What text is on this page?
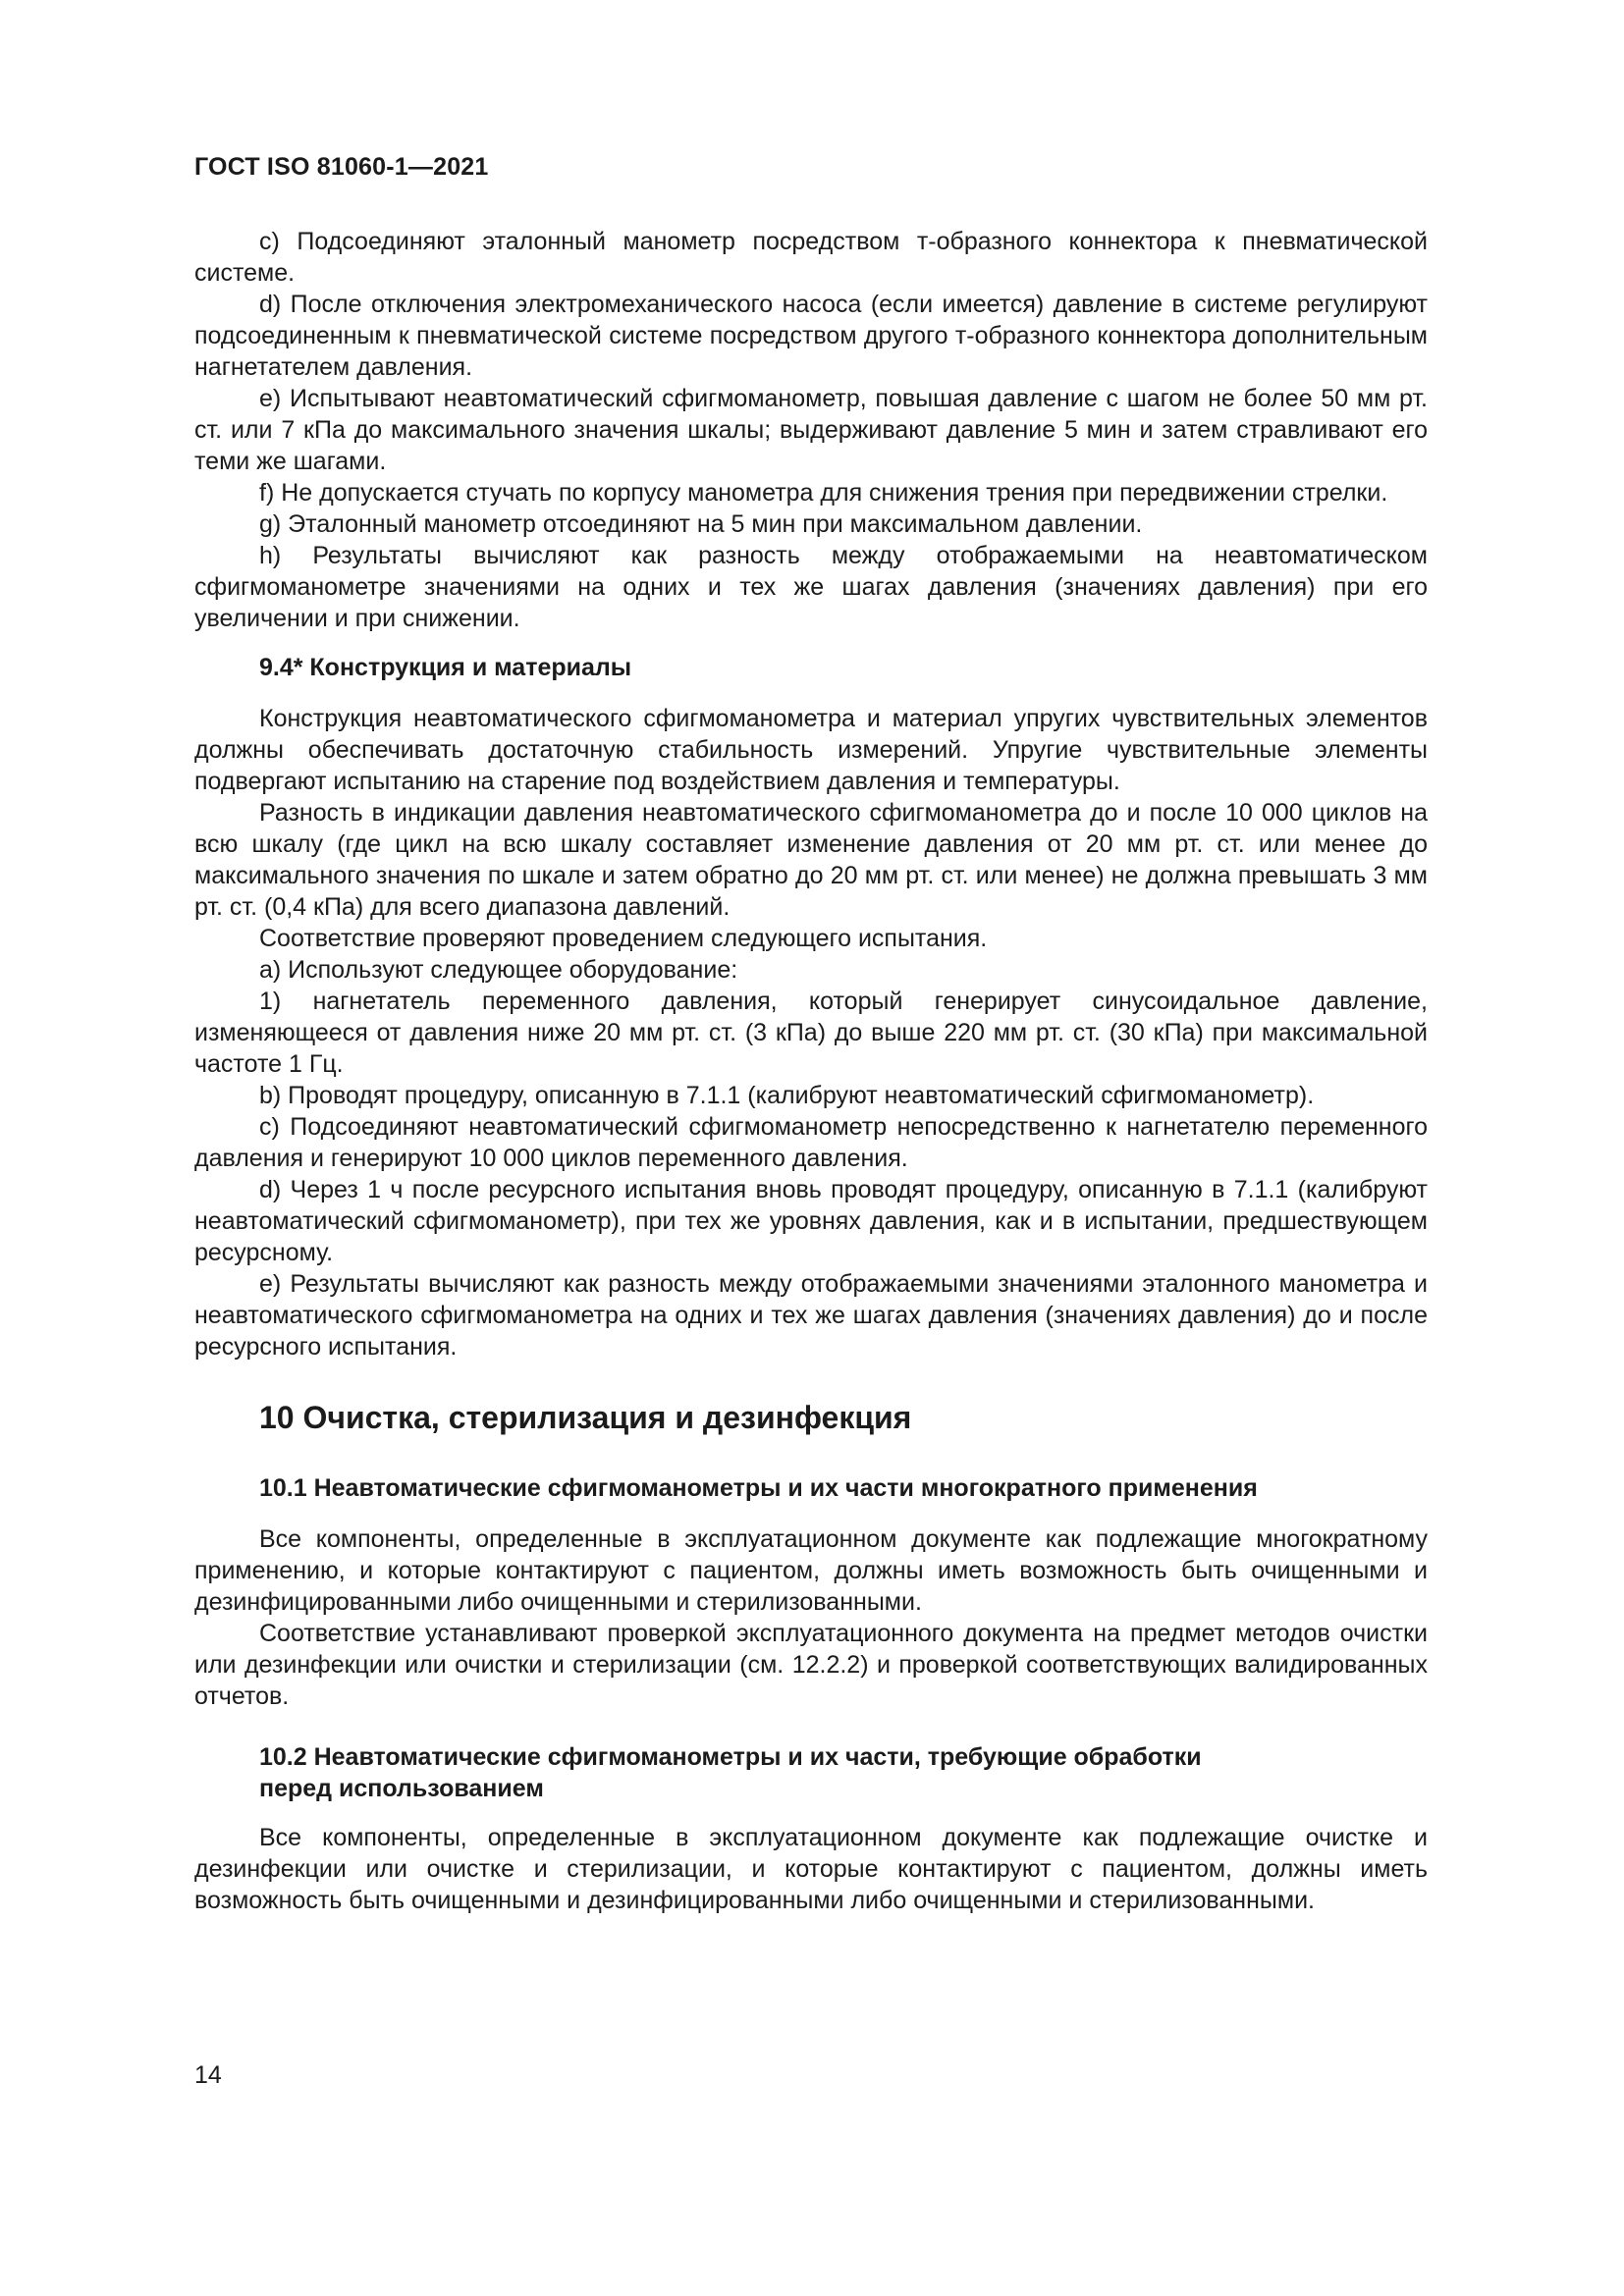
ГОСТ ISO 81060-1—2021

с) Подсоединяют эталонный манометр посредством т-образного коннектора к пневматической системе.

d) После отключения электромеханического насоса (если имеется) давление в системе регулируют подсоединенным к пневматической системе посредством другого т-образного коннектора дополнительным нагнетателем давления.

е) Испытывают неавтоматический сфигмоманометр, повышая давление с шагом не более 50 мм рт. ст. или 7 кПа до максимального значения шкалы; выдерживают давление 5 мин и затем стравливают его теми же шагами.

f) Не допускается стучать по корпусу манометра для снижения трения при передвижении стрелки.

g) Эталонный манометр отсоединяют на 5 мин при максимальном давлении.

h) Результаты вычисляют как разность между отображаемыми на неавтоматическом сфигмоманометре значениями на одних и тех же шагах давления (значениях давления) при его увеличении и при снижении.

9.4* Конструкция и материалы

Конструкция неавтоматического сфигмоманометра и материал упругих чувствительных элементов должны обеспечивать достаточную стабильность измерений. Упругие чувствительные элементы подвергают испытанию на старение под воздействием давления и температуры.

Разность в индикации давления неавтоматического сфигмоманометра до и после 10 000 циклов на всю шкалу (где цикл на всю шкалу составляет изменение давления от 20 мм рт. ст. или менее до максимального значения по шкале и затем обратно до 20 мм рт. ст. или менее) не должна превышать 3 мм рт. ст. (0,4 кПа) для всего диапазона давлений.

Соответствие проверяют проведением следующего испытания.

а) Используют следующее оборудование:

1) нагнетатель переменного давления, который генерирует синусоидальное давление, изменяющееся от давления ниже 20 мм рт. ст. (3 кПа) до выше 220 мм рт. ст. (30 кПа) при максимальной частоте 1 Гц.

b) Проводят процедуру, описанную в 7.1.1 (калибруют неавтоматический сфигмоманометр).

с) Подсоединяют неавтоматический сфигмоманометр непосредственно к нагнетателю переменного давления и генерируют 10 000 циклов переменного давления.

d) Через 1 ч после ресурсного испытания вновь проводят процедуру, описанную в 7.1.1 (калибруют неавтоматический сфигмоманометр), при тех же уровнях давления, как и в испытании, предшествующем ресурсному.

е) Результаты вычисляют как разность между отображаемыми значениями эталонного манометра и неавтоматического сфигмоманометра на одних и тех же шагах давления (значениях давления) до и после ресурсного испытания.

10 Очистка, стерилизация и дезинфекция
10.1 Неавтоматические сфигмоманометры и их части многократного применения

Все компоненты, определенные в эксплуатационном документе как подлежащие многократному применению, и которые контактируют с пациентом, должны иметь возможность быть очищенными и дезинфицированными либо очищенными и стерилизованными.

Соответствие устанавливают проверкой эксплуатационного документа на предмет методов очистки или дезинфекции или очистки и стерилизации (см. 12.2.2) и проверкой соответствующих валидированных отчетов.

10.2 Неавтоматические сфигмоманометры и их части, требующие обработки
перед использованием

Все компоненты, определенные в эксплуатационном документе как подлежащие очистке и дезинфекции или очистке и стерилизации, и которые контактируют с пациентом, должны иметь возможность быть очищенными и дезинфицированными либо очищенными и стерилизованными.

14
